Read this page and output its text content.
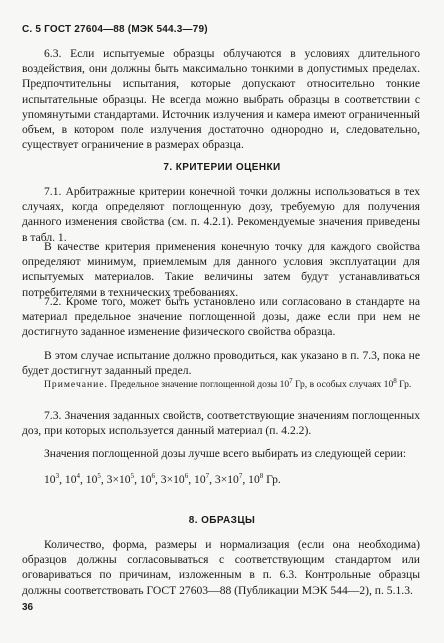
С. 5 ГОСТ 27604—88 (МЭК 544.3—79)

6.3. Если испытуемые образцы облучаются в условиях длительного воздействия, они должны быть максимально тонкими в допустимых пределах. Предпочтительны испытания, которые допускают относительно тонкие испытательные образцы. Не всегда можно выбрать образцы в соответствии с упомянутыми стандартами. Источник излучения и камера имеют ограниченный объем, в котором поле излучения достаточно однородно и, следовательно, существует ограничение в размерах образца.

7. КРИТЕРИИ ОЦЕНКИ

7.1. Арбитражные критерии конечной точки должны использоваться в тех случаях, когда определяют поглощенную дозу, требуемую для получения данного изменения свойства (см. п. 4.2.1). Рекомендуемые значения приведены в табл. 1.

В качестве критерия применения конечную точку для каждого свойства определяют минимум, приемлемым для данного условия эксплуатации для испытуемых материалов. Такие величины затем будут устанавливаться потребителями в технических требованиях.

7.2. Кроме того, может быть установлено или согласовано в стандарте на материал предельное значение поглощенной дозы, даже если при нем не достигнуто заданное изменение физического свойства образца.

В этом случае испытание должно проводиться, как указано в п. 7.3, пока не будет достигнут заданный предел.

Примечание. Предельное значение поглощенной дозы $10^7$ Гр, в особых случаях $10^8$ Гр.

7.3. Значения заданных свойств, соответствующие значениям поглощенных доз, при которых используется данный материал (п. 4.2.2).

Значения поглощенной дозы лучше всего выбирать из следующей серии:

$10^3$, $10^4$, $10^5$, $3\times 10^5$, $10^6$, $3\times 10^6$, $10^7$, $3\times 10^7$, $10^8$ Гр.
8. ОБРАЗЦЫ

Количество, форма, размеры и нормализация (если она необходима) образцов должны согласовываться с соответствующим стандартом или оговариваться по причинам, изложенным в п. 6.3. Контрольные образцы должны соответствовать ГОСТ 27603—88 (Публикации МЭК 544—2), п. 5.1.3.

36
